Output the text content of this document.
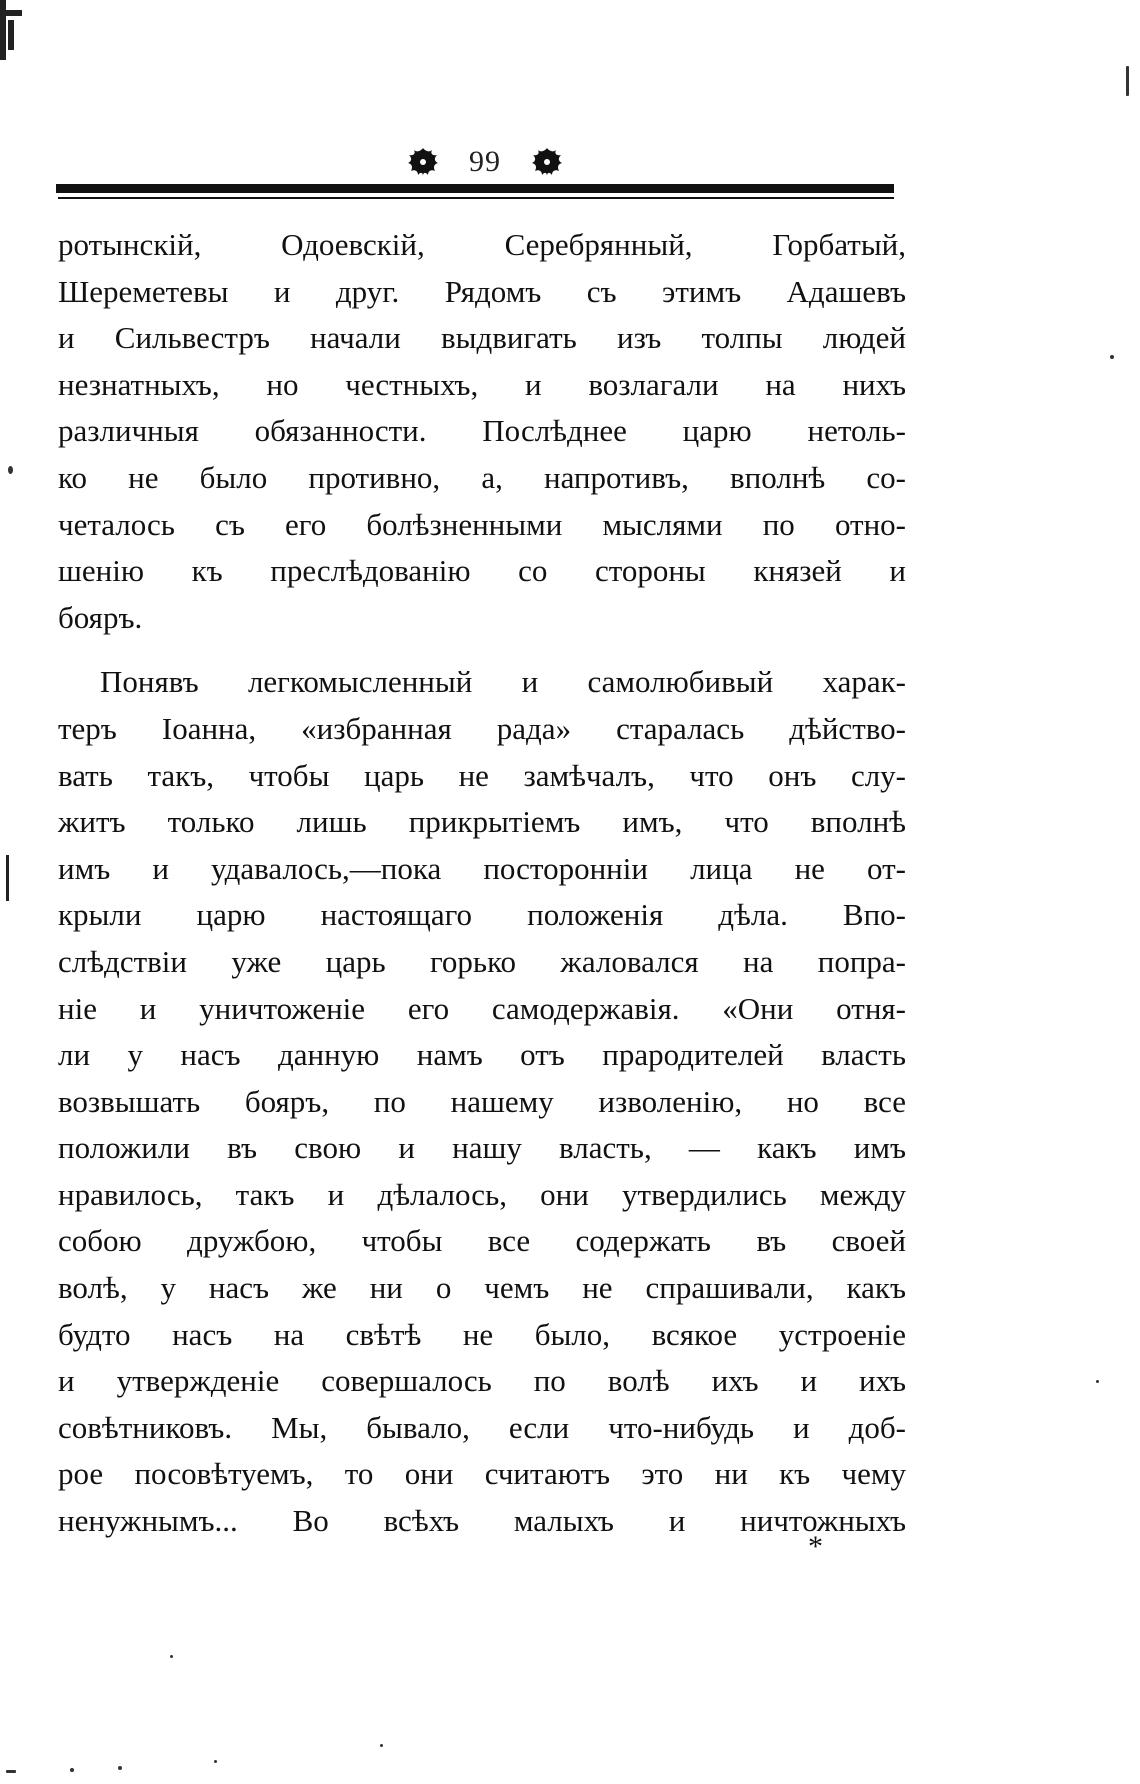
99
ротынскій, Одоевскій, Серебрянный, Горбатый,
Шереметевы и друг. Рядомъ съ этимъ Адашевъ
и Сильвестръ начали выдвигать изъ толпы людей
незнатныхъ, но честныхъ, и возлагали на нихъ
различныя обязанности. Послѣднее царю нетоль-
ко не было противно, а, напротивъ, вполнѣ со-
четалось съ его болѣзненными мыслями по отно-
шенію къ преслѣдованію со стороны князей и
бояръ.
Понявъ легкомысленный и самолюбивый харак-
теръ Іоанна, «избранная рада» старалась дѣйство-
вать такъ, чтобы царь не замѣчалъ, что онъ слу-
житъ только лишь прикрытіемъ имъ, что вполнѣ
имъ и удавалось,—пока посторонніи лица не от-
крыли царю настоящаго положенія дѣла. Впо-
слѣдствіи уже царь горько жаловался на попра-
ніе и уничтоженіе его самодержавія. «Они отня-
ли у насъ данную намъ отъ прародителей власть
возвышать бояръ, по нашему изволенію, но все
положили въ свою и нашу власть, — какъ имъ
нравилось, такъ и дѣлалось, они утвердились между
собою дружбою, чтобы все содержать въ своей
волѣ, у насъ же ни о чемъ не спрашивали, какъ
будто насъ на свѣтѣ не было, всякое устроеніе
и утвержденіе совершалось по волѣ ихъ и ихъ
совѣтниковъ. Мы, бывало, если что-нибудь и доб-
рое посовѣтуемъ, то они считаютъ это ни къ чему
ненужнымъ... Во всѣхъ малыхъ и ничтожныхъ
*
